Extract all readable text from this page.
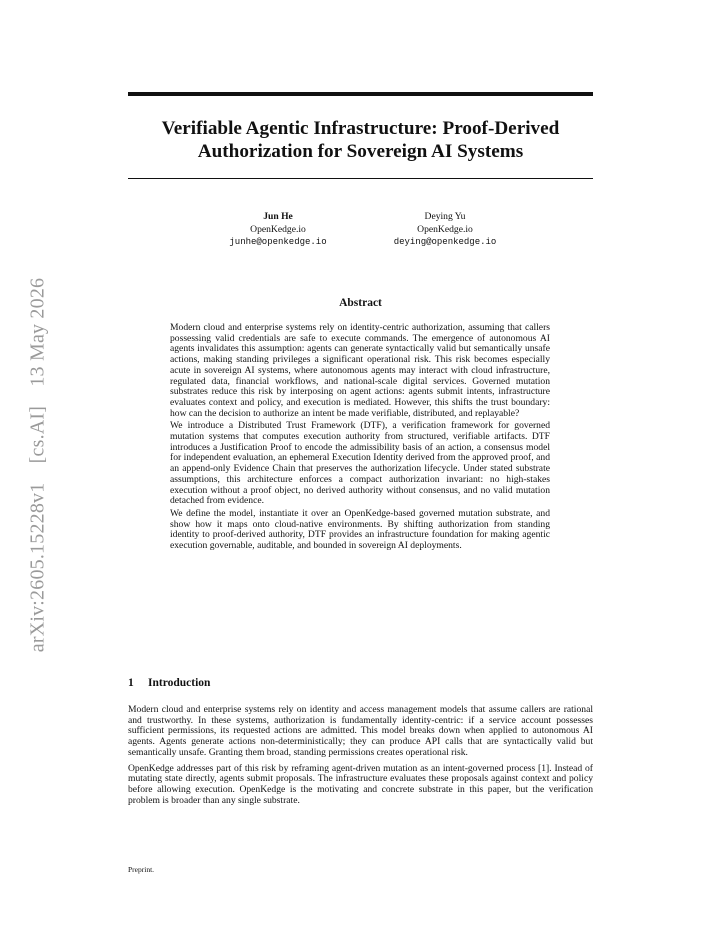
arXiv:2605.15228v1 [cs.AI] 13 May 2026
Verifiable Agentic Infrastructure: Proof-Derived Authorization for Sovereign AI Systems
Jun He
OpenKedge.io
junhe@openkedge.io
Deying Yu
OpenKedge.io
deying@openkedge.io
Abstract

Modern cloud and enterprise systems rely on identity-centric authorization, assuming that callers possessing valid credentials are safe to execute commands. The emergence of autonomous AI agents invalidates this assumption: agents can generate syntactically valid but semantically unsafe actions, making standing privileges a significant operational risk. This risk becomes especially acute in sovereign AI systems, where autonomous agents may interact with cloud infrastructure, regulated data, financial workflows, and national-scale digital services. Governed mutation substrates reduce this risk by interposing on agent actions: agents submit intents, infrastructure evaluates context and policy, and execution is mediated. However, this shifts the trust boundary: how can the decision to authorize an intent be made verifiable, distributed, and replayable?

We introduce a Distributed Trust Framework (DTF), a verification framework for governed mutation systems that computes execution authority from structured, verifiable artifacts. DTF introduces a Justification Proof to encode the admissibility basis of an action, a consensus model for independent evaluation, an ephemeral Execution Identity derived from the approved proof, and an append-only Evidence Chain that preserves the authorization lifecycle. Under stated substrate assumptions, this architecture enforces a compact authorization invariant: no high-stakes execution without a proof object, no derived authority without consensus, and no valid mutation detached from evidence.

We define the model, instantiate it over an OpenKedge-based governed mutation substrate, and show how it maps onto cloud-native environments. By shifting authorization from standing identity to proof-derived authority, DTF provides an infrastructure foundation for making agentic execution governable, auditable, and bounded in sovereign AI deployments.

1 Introduction

Modern cloud and enterprise systems rely on identity and access management models that assume callers are rational and trustworthy. In these systems, authorization is fundamentally identity-centric: if a service account possesses sufficient permissions, its requested actions are admitted. This model breaks down when applied to autonomous AI agents. Agents generate actions non-deterministically; they can produce API calls that are syntactically valid but semantically unsafe. Granting them broad, standing permissions creates operational risk.

OpenKedge addresses part of this risk by reframing agent-driven mutation as an intent-governed process [1]. Instead of mutating state directly, agents submit proposals. The infrastructure evaluates these proposals against context and policy before allowing execution. OpenKedge is the motivating and concrete substrate in this paper, but the verification problem is broader than any single substrate.

Preprint.
